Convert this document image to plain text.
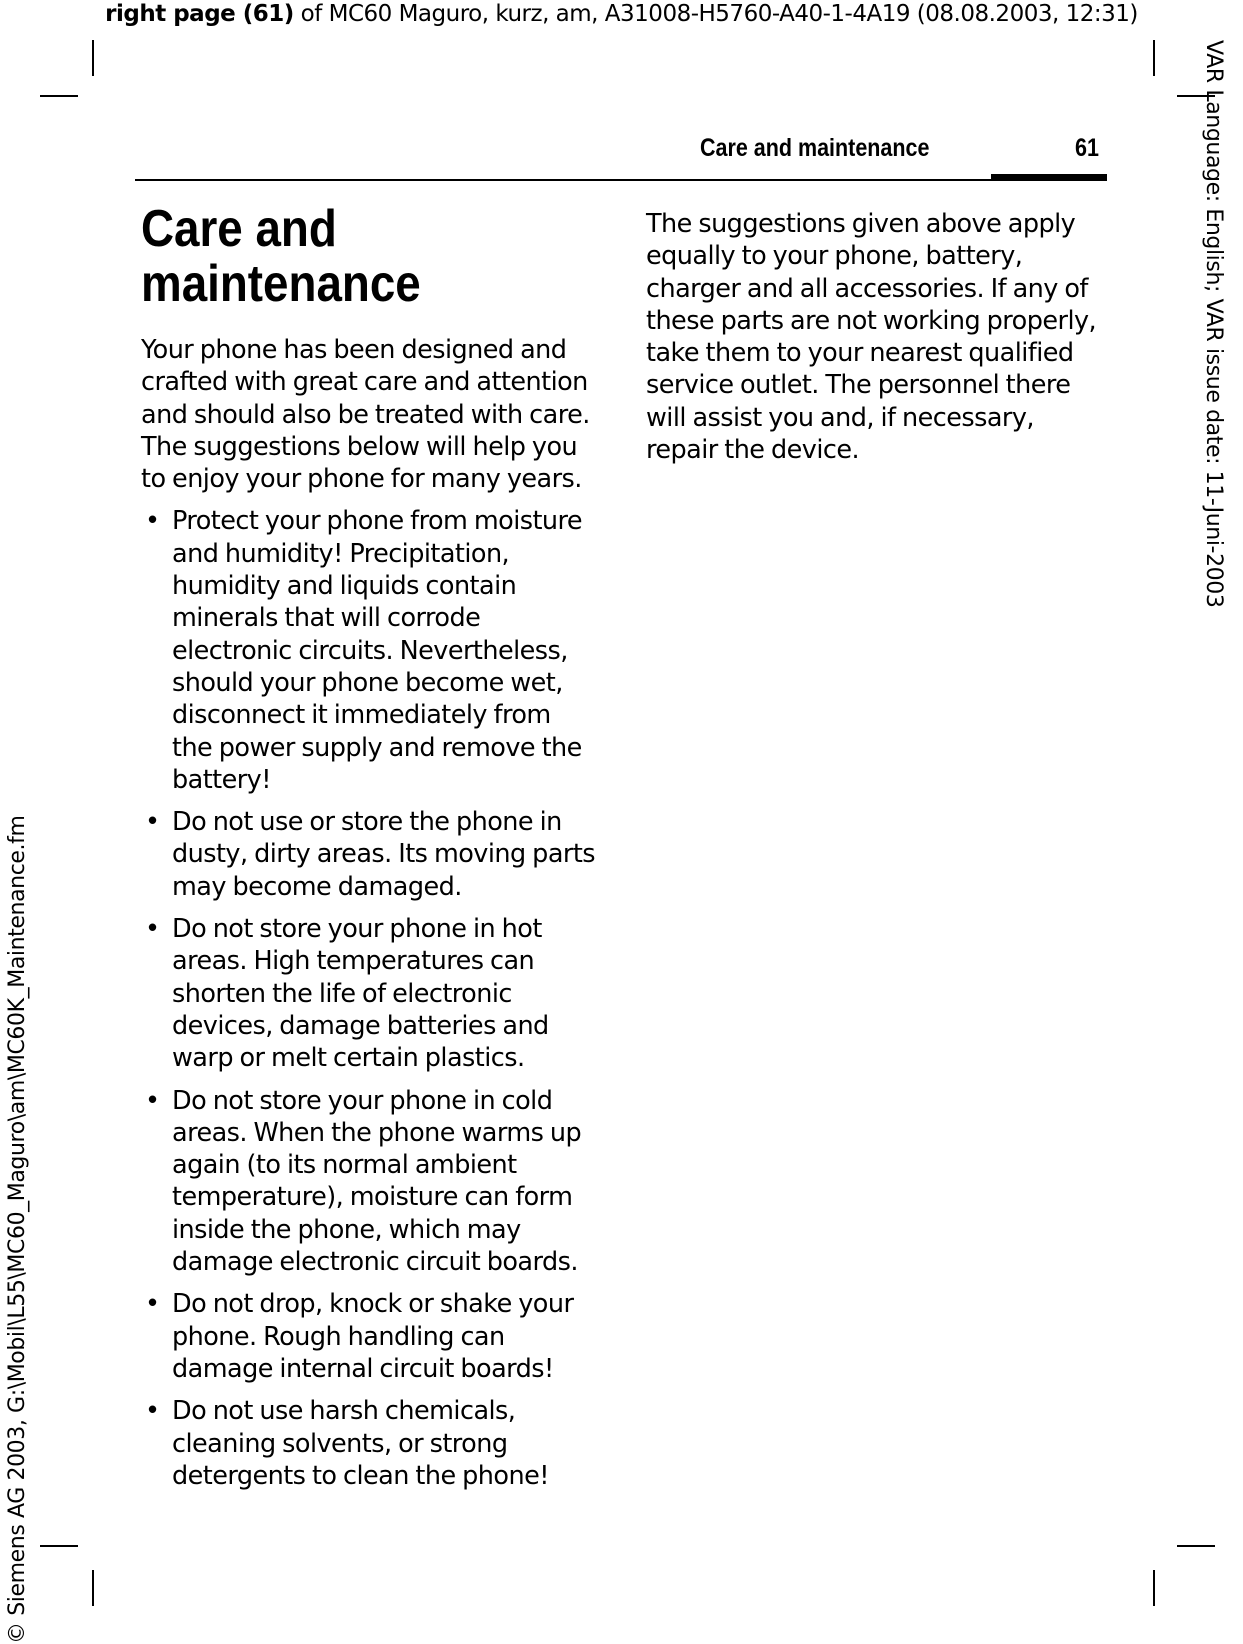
right page (61) of MC60 Maguro, kurz, am, A31008-H5760-A40-1-4A19 (08.08.2003, 12:31)
VAR Language: English; VAR issue date: 11-Juni-2003
© Siemens AG 2003, G:\Mobil\L55\MC60_Maguro\am\MC60K_Maintenance.fm
Care and maintenance	61
Care and maintenance

Your phone has been designed and crafted with great care and attention and should also be treated with care. The suggestions below will help you to enjoy your phone for many years.

• Protect your phone from moisture and humidity! Precipitation, humidity and liquids contain minerals that will corrode electronic circuits. Nevertheless, should your phone become wet, disconnect it immediately from the power supply and remove the battery!
• Do not use or store the phone in dusty, dirty areas. Its moving parts may become damaged.
• Do not store your phone in hot areas. High temperatures can shorten the life of electronic devices, damage batteries and warp or melt certain plastics.
• Do not store your phone in cold areas. When the phone warms up again (to its normal ambient temperature), moisture can form inside the phone, which may damage electronic circuit boards.
• Do not drop, knock or shake your phone. Rough handling can damage internal circuit boards!
• Do not use harsh chemicals, cleaning solvents, or strong detergents to clean the phone!

The suggestions given above apply equally to your phone, battery, charger and all accessories. If any of these parts are not working properly, take them to your nearest qualified service outlet. The personnel there will assist you and, if necessary, repair the device.
